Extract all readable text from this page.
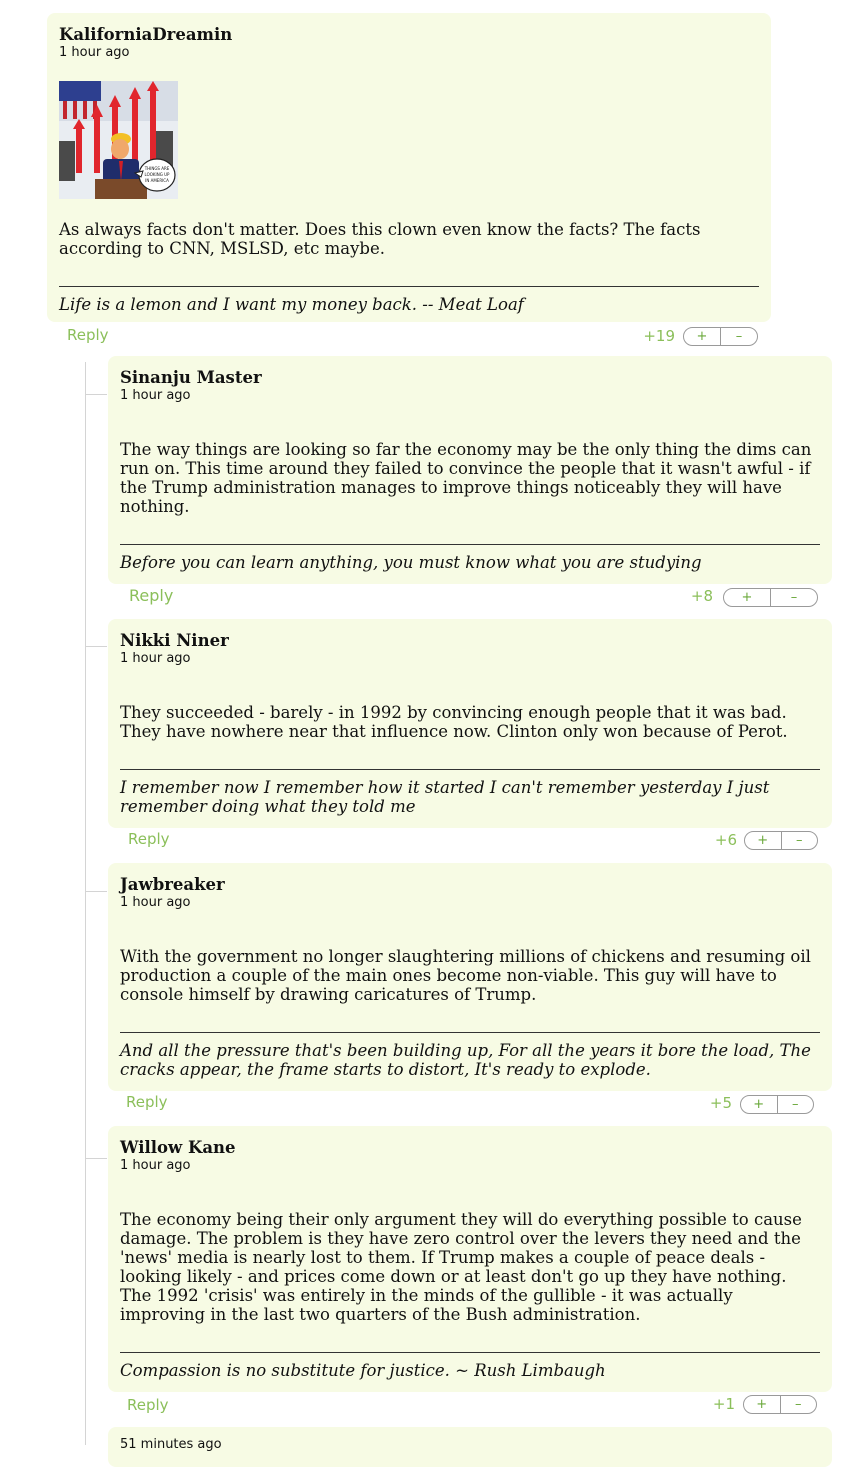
KaliforniaDreamin
1 hour ago
THINGS ARE
LOOKING UP
IN AMERICA
As always facts don't matter. Does this clown even know the facts? The facts according to CNN, MSLSD, etc maybe.
Life is a lemon and I want my money back. -- Meat Loaf
Reply	+19	+	–
Sinanju Master
1 hour ago
The way things are looking so far the economy may be the only thing the dims can run on. This time around they failed to convince the people that it wasn't awful - if the Trump administration manages to improve things noticeably they will have nothing.
Before you can learn anything, you must know what you are studying
Reply	+8	+	–
Nikki Niner
1 hour ago
They succeeded - barely - in 1992 by convincing enough people that it was bad. They have nowhere near that influence now. Clinton only won because of Perot.
I remember now I remember how it started I can't remember yesterday I just remember doing what they told me
Reply	+6	+	–
Jawbreaker
1 hour ago
With the government no longer slaughtering millions of chickens and resuming oil production a couple of the main ones become non-viable. This guy will have to console himself by drawing caricatures of Trump.
And all the pressure that's been building up, For all the years it bore the load, The cracks appear, the frame starts to distort, It's ready to explode.
Reply	+5	+	–
Willow Kane
1 hour ago
The economy being their only argument they will do everything possible to cause damage. The problem is they have zero control over the levers they need and the 'news' media is nearly lost to them. If Trump makes a couple of peace deals - looking likely - and prices come down or at least don't go up they have nothing. The 1992 'crisis' was entirely in the minds of the gullible - it was actually improving in the last two quarters of the Bush administration.
Compassion is no substitute for justice. ~ Rush Limbaugh
Reply	+1	+	–
51 minutes ago
